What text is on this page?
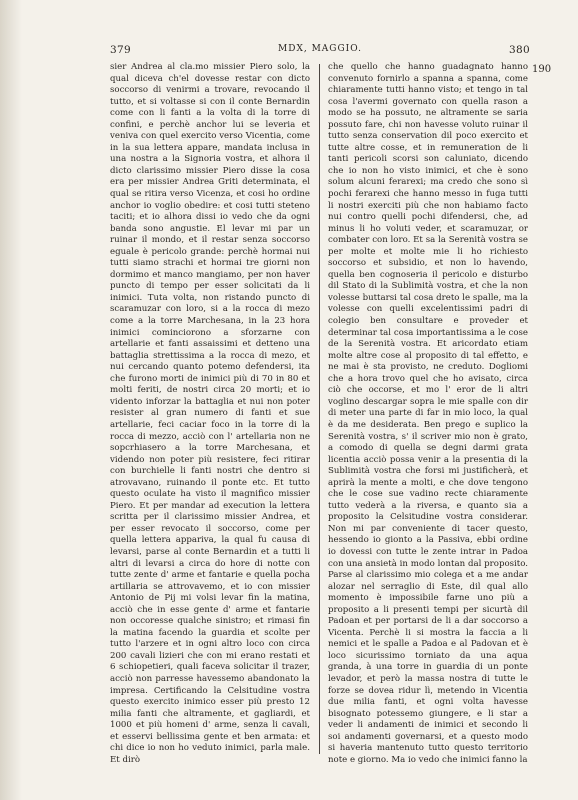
379	MDX, MAGGIO.	380

sier Andrea al cla.mo missier Piero solo, la qual diceva ch'el dovesse restar con dicto soccorso di venirmi a trovare, revocando il tutto, et si voltasse si con il conte Bernardin come con li fanti a la volta di la torre di confini, e perchè anchor lui se leveria et veniva con quel exercito verso Vicentia, come in la sua lettera appare, mandata inclusa in una nostra a la Signoria vostra, et alhora il dicto clarissimo missier Piero disse la cosa era per missier Andrea Griti determinata, el qual se ritira verso Vicenza, et cosi ho ordine anchor io voglio obedire: et cosi tutti steteno taciti; et io alhora dissi io vedo che da ogni banda sono angustie. El levar mi par un ruinar il mondo, et il restar senza soccorso eguale è pericolo grande: perchè hormai nui tutti siamo strachi et hormai tre giorni non dormimo et manco mangiamo, per non haver puncto di tempo per esser solicitati da li inimici. Tuta volta, non ristando puncto di scaramuzar con loro, si a la rocca di mezo come a la torre Marchesana, in la 23 hora inimici cominciorono a sforzarne con artellarie et fanti assaissimi et detteno una battaglia strettissima a la rocca di mezo, et nui cercando quanto potemo defendersi, ita che furono morti de inimici più di 70 in 80 et molti feriti, de nostri circa 20 morti; et io vidento inforzar la battaglia et nui non poter resister al gran numero di fanti et sue artellarie, feci caciar foco in la torre di la rocca di mezzo, acciò con l' artellaria non ne sopcrhiasero a la torre Marchesana, et videndo non poter più resistere, feci ritirar con burchielle li fanti nostri che dentro si atrovavano, ruinando il ponte etc. Et tutto questo oculate ha visto il magnifico missier Piero. Et per mandar ad execution la lettera scritta per il clarissimo missier Andrea, et per esser revocato il soccorso, come per quella lettera appariva, la qual fu causa di levarsi, parse al conte Bernardin et a tutti li altri di levarsi a circa do hore di notte con tutte zente d' arme et fantarie e quella pocha artillaria se attrovavemo, et io con missier Antonio de Pij mi volsi levar fin la matina, acciò che in esse gente d' arme et fantarie non occoresse qualche sinistro; et rimasi fin la matina facendo la guardia et scolte per tutto l'arzere et in ogni altro loco con circa 200 cavali lizieri che con mi erano restati et 6 schiopetieri, quali faceva solicitar il trazer, acciò non parresse havessemo abandonato la impresa. Certificando la Celsitudine vostra questo exercito inimico esser più presto 12 milia fanti che altramente, et gagliardi, et 1000 et più homeni d' arme, senza li cavali, et esservi bellissima gente et ben armata: et chi dice io non ho veduto inimici, parla male. Et dirò

che quello che hanno guadagnato hanno convenuto fornirlo a spanna a spanna, come chiaramente tutti hanno visto; et tengo in tal cosa l'avermi governato con quella rason a modo se ha possuto, ne altramente se saria possuto fare, chi non havesse voluto ruinar il tutto senza conservation dil poco exercito et tutte altre cosse, et in remuneration de li tanti pericoli scorsi son caluniato, dicendo che io non ho visto inimici, et che è sono solum alcuni ferarexi; ma credo che sono sì pochi ferarexi che hanno messo in fuga tutti li nostri exerciti più che non habiamo facto nui contro quelli pochi difendersi, che, ad minus li ho voluti veder, et scaramuzar, or combater con loro. Et sa la Serenità vostra se per molte et molte mie li ho richiesto soccorso et subsidio, et non lo havendo, quella ben cognoseria il pericolo e disturbo dil Stato di la Sublimità vostra, et che la non volesse buttarsi tal cosa dreto le spalle, ma la volesse con quelli excelentissimi padri di colegio ben consultare e proveder et determinar tal cosa importantissima a le cose de la Serenità vostra. Et aricordato etiam molte altre cose al proposito di tal effetto, e ne mai è sta provisto, ne creduto. Dogliomi che a hora trovo quel che ho avisato, circa ciò che occorse, et mo l' eror de li altri voglino descargar sopra le mie spalle con dir di meter una parte di far in mio loco, la qual è da me desiderata. Ben prego e suplico la Serenità vostra, s' il scriver mio non è grato, a comodo di quella se degni darmi grata licentia acciò possa venir a la presentia di la Sublimità vostra che forsi mi justificherà, et aprirà la mente a molti, e che dove tengono che le cose sue vadino recte chiaramente tutto vederà a la riversa, e quanto sia a proposito la Celsitudine vostra considerar. Non mi par conveniente di tacer questo, hessendo io gionto a la Passiva, ebbi ordine io dovessi con tutte le zente intrar in Padoa con una ansietà in modo lontan dal proposito. Parse al clarissimo mio colega et a me andar alozar nel serraglio di Este, dil qual allo momento è impossibile farne uno più a proposito a li presenti tempi per sicurtà dil Padoan et per portarsi de li a dar soccorso a Vicenta. Perchè li si mostra la faccia a li nemici et le spalle a Padoa e al Padovan et è loco sicurissimo torniato da una aqua granda, à una torre in guardia di un ponte levador, et però la massa nostra di tutte le forze se dovea ridur lì, metendo in Vicentia due milia fanti, et ogni volta havesse bisognato potessemo giungere, e li star a veder li andamenti de inimici et secondo li soi andamenti governarsi, et a questo modo si haveria mantenuto tutto questo territorio note e giorno. Ma io vedo che inimici fanno la

190
